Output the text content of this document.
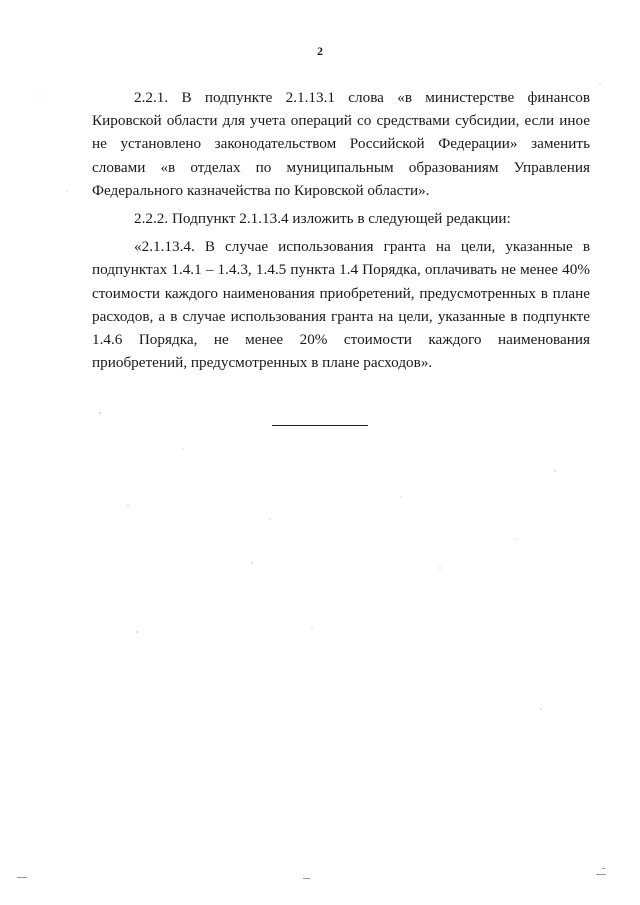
2

2.2.1. В подпункте 2.1.13.1 слова «в министерстве финансов Кировской области для учета операций со средствами субсидии, если иное не установлено законодательством Российской Федерации» заменить словами «в отделах по муниципальным образованиям Управления Федерального казначейства по Кировской области».

2.2.2. Подпункт 2.1.13.4 изложить в следующей редакции:

«2.1.13.4. В случае использования гранта на цели, указанные в подпунктах 1.4.1 – 1.4.3, 1.4.5 пункта 1.4 Порядка, оплачивать не менее 40% стоимости каждого наименования приобретений, предусмотренных в плане расходов, а в случае использования гранта на цели, указанные в подпункте 1.4.6 Порядка, не менее 20% стоимости каждого наименования приобретений, предусмотренных в плане расходов».
